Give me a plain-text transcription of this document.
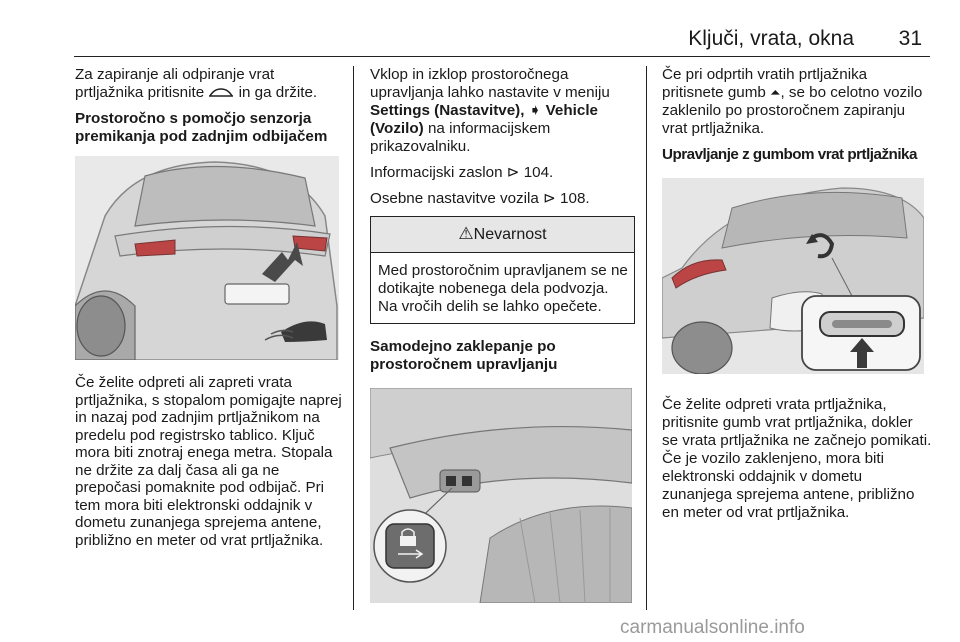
Ključi, vrata, okna 31

Za zapiranje ali odpiranje vrat prtljažnika pritisnite in ga držite.

Prostoročno s pomočjo senzorja premikanja pod zadnjim odbijačem

Če želite odpreti ali zapreti vrata prtljažnika, s stopalom pomigajte naprej in nazaj pod zadnjim prtljažnikom na predelu pod registrsko tablico. Ključ mora biti znotraj enega metra. Stopala ne držite za dalj časa ali ga ne prepočasi pomaknite pod odbijač. Pri tem mora biti elektronski oddajnik v dometu zunanjega sprejema antene, približno en meter od vrat prtljažnika.

Vklop in izklop prostoročnega upravljanja lahko nastavite v meniju Settings (Nastavitve), ➧ Vehicle (Vozilo) na informacijskem prikazovalniku.

Informacijski zaslon ⊳ 104.

Osebne nastavitve vozila ⊳ 108.

⚠Nevarnost
Med prostoročnim upravljanem se ne dotikajte nobenega dela podvozja. Na vročih delih se lahko opečete.

Samodejno zaklepanje po prostoročnem upravljanju

Če pri odprtih vratih prtljažnika pritisnete gumb ⏶, se bo celotno vozilo zaklenilo po prostoročnem zapiranju vrat prtljažnika.

Upravljanje z gumbom vrat prtljažnika

Če želite odpreti vrata prtljažnika, pritisnite gumb vrat prtljažnika, dokler se vrata prtljažnika ne začnejo pomikati. Če je vozilo zaklenjeno, mora biti elektronski oddajnik v dometu zunanjega sprejema antene, približno en meter od vrat prtljažnika.

carmanualsonline.info
